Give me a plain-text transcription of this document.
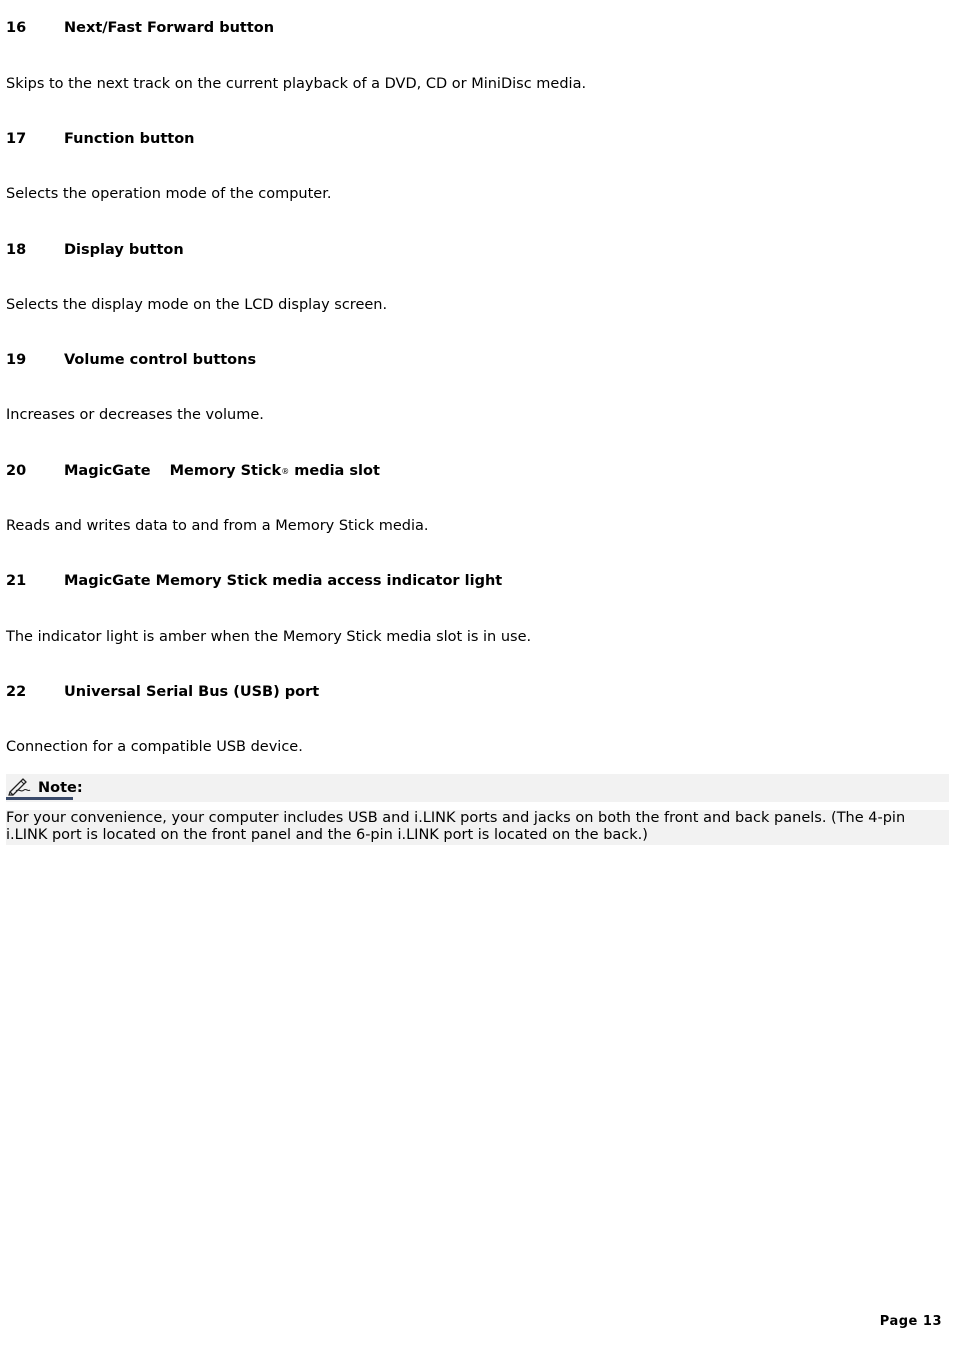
16	Next/Fast Forward button
Skips to the next track on the current playback of a DVD, CD or MiniDisc media.
17	Function button
Selects the operation mode of the computer.
18	Display button
Selects the display mode on the LCD display screen.
19	Volume control buttons
Increases or decreases the volume.
20	MagicGate Memory Stick® media slot
Reads and writes data to and from a Memory Stick media.
21	MagicGate Memory Stick media access indicator light
The indicator light is amber when the Memory Stick media slot is in use.
22	Universal Serial Bus (USB) port
Connection for a compatible USB device.
Note:
For your convenience, your computer includes USB and i.LINK ports and jacks on both the front and back panels. (The 4-pin i.LINK port is located on the front panel and the 6-pin i.LINK port is located on the back.)
Page 13
